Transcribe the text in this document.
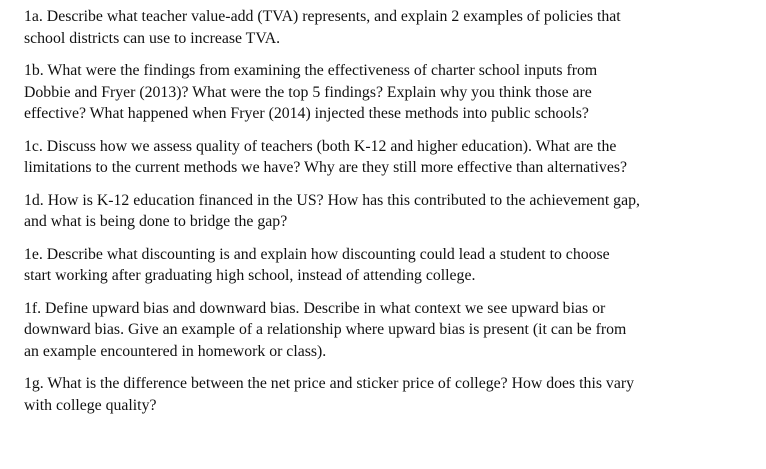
1a. Describe what teacher value-add (TVA) represents, and explain 2 examples of policies that
school districts can use to increase TVA.

1b. What were the findings from examining the effectiveness of charter school inputs from
Dobbie and Fryer (2013)? What were the top 5 findings? Explain why you think those are
effective? What happened when Fryer (2014) injected these methods into public schools?

1c. Discuss how we assess quality of teachers (both K-12 and higher education). What are the
limitations to the current methods we have? Why are they still more effective than alternatives?

1d. How is K-12 education financed in the US? How has this contributed to the achievement gap,
and what is being done to bridge the gap?

1e. Describe what discounting is and explain how discounting could lead a student to choose
start working after graduating high school, instead of attending college.

1f. Define upward bias and downward bias. Describe in what context we see upward bias or
downward bias. Give an example of a relationship where upward bias is present (it can be from
an example encountered in homework or class).

1g. What is the difference between the net price and sticker price of college? How does this vary
with college quality?
